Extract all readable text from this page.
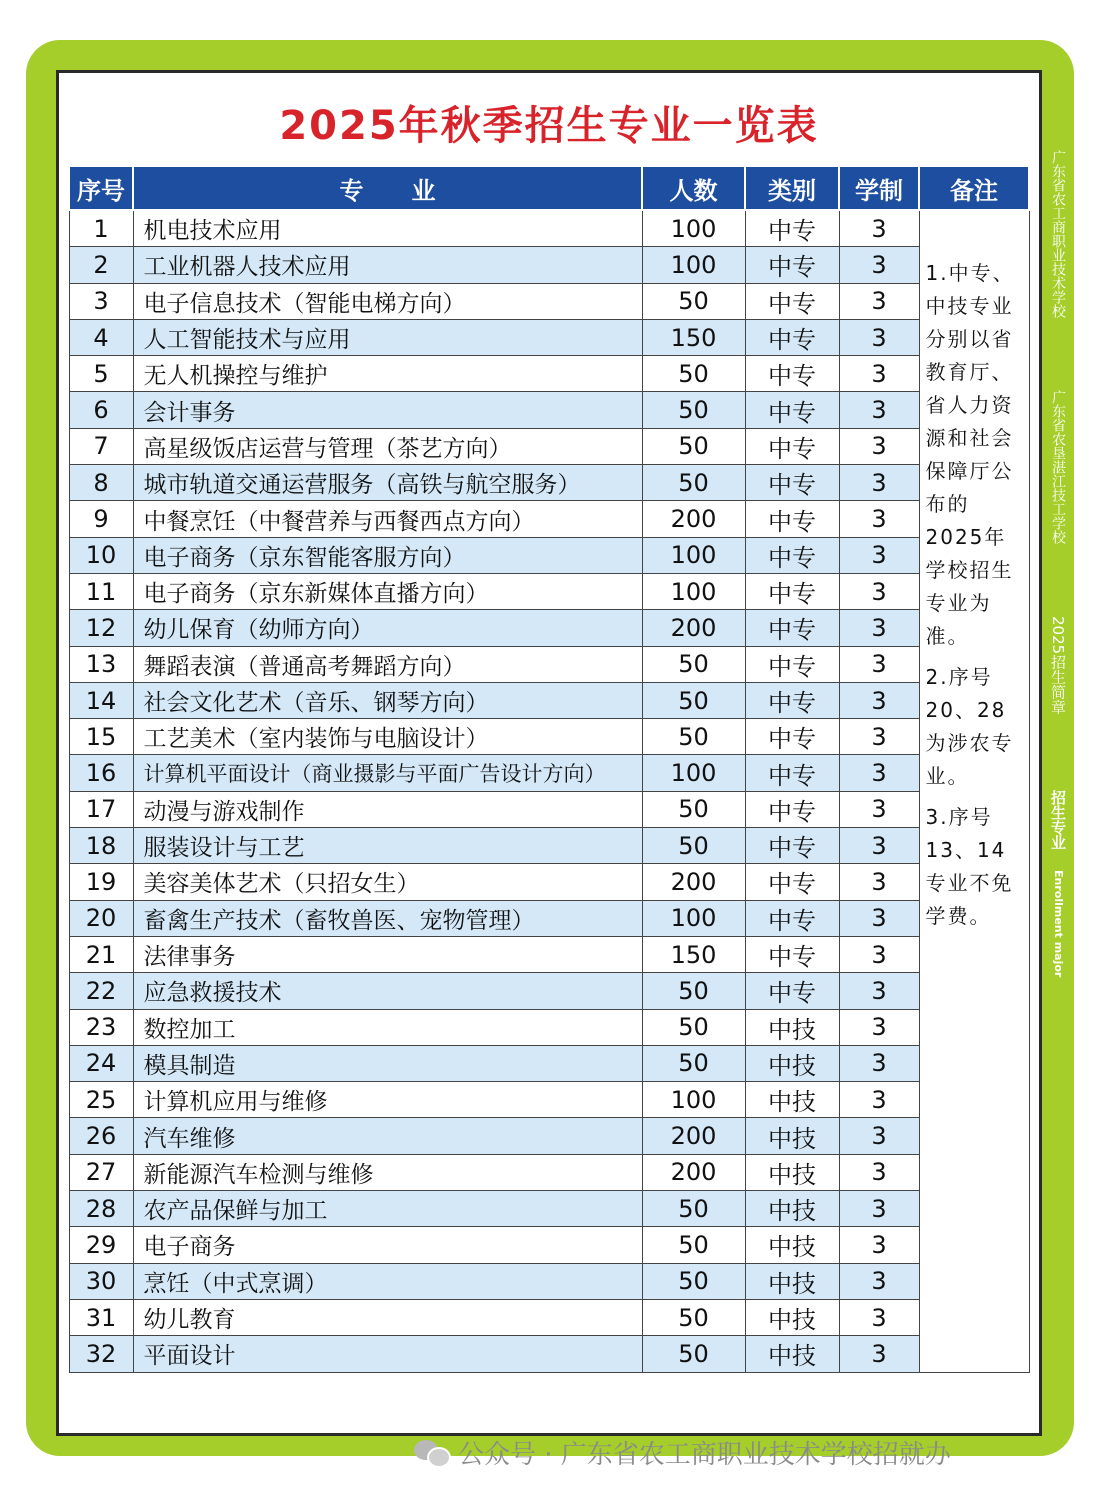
2025年秋季招生专业一览表
序号	专　　业	人数	类别	学制	备注
1	机电技术应用	100	中专	3	1.中专、中技专业分别以省教育厅、省人力资源和社会保障厅公布的2025年学校招生专业为准。

2.序号20、28为涉农专业。

3.序号13、14专业不免学费。

2	工业机器人技术应用	100	中专	3	
3	电子信息技术（智能电梯方向）	50	中专	3	
4	人工智能技术与应用	150	中专	3	
5	无人机操控与维护	50	中专	3	
6	会计事务	50	中专	3	
7	高星级饭店运营与管理（茶艺方向）	50	中专	3	
8	城市轨道交通运营服务（高铁与航空服务）	50	中专	3	
9	中餐烹饪（中餐营养与西餐西点方向）	200	中专	3	
10	电子商务（京东智能客服方向）	100	中专	3	
11	电子商务（京东新媒体直播方向）	100	中专	3	
12	幼儿保育（幼师方向）	200	中专	3	
13	舞蹈表演（普通高考舞蹈方向）	50	中专	3	
14	社会文化艺术（音乐、钢琴方向）	50	中专	3	
15	工艺美术（室内装饰与电脑设计）	50	中专	3	
16	计算机平面设计（商业摄影与平面广告设计方向）	100	中专	3	
17	动漫与游戏制作	50	中专	3	
18	服装设计与工艺	50	中专	3	
19	美容美体艺术（只招女生）	200	中专	3	
20	畜禽生产技术（畜牧兽医、宠物管理）	100	中专	3	
21	法律事务	150	中专	3	
22	应急救援技术	50	中专	3	
23	数控加工	50	中技	3	
24	模具制造	50	中技	3	
25	计算机应用与维修	100	中技	3	
26	汽车维修	200	中技	3	
27	新能源汽车检测与维修	200	中技	3	
28	农产品保鲜与加工	50	中技	3	
29	电子商务	50	中技	3	
30	烹饪（中式烹调）	50	中技	3	
31	幼儿教育	50	中技	3	
32	平面设计	50	中技	3	
广东省农工商职业技术学校
广东省农垦湛江技工学校
2025招生简章
招生专业
Enrollment major
公众号 · 广东省农工商职业技术学校招就办
